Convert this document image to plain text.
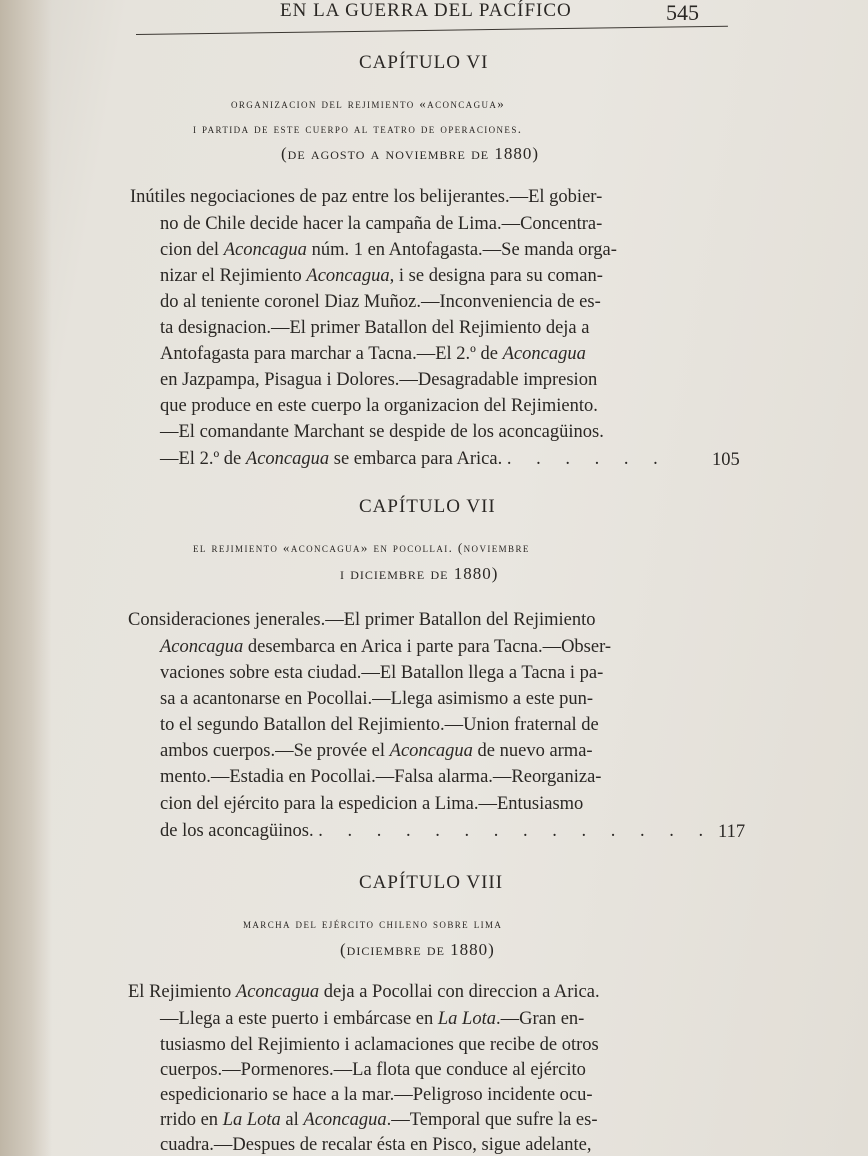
EN LA GUERRA DEL PACÍFICO	545
CAPÍTULO VI
organizacion del rejimiento «aconcagua»
i partida de este cuerpo al teatro de operaciones.
(de agosto a noviembre de 1880)
Inútiles negociaciones de paz entre los belijerantes.—El gobier-
no de Chile decide hacer la campaña de Lima.—Concentra-
cion del Aconcagua núm. 1 en Antofagasta.—Se manda orga-
nizar el Rejimiento Aconcagua, i se designa para su coman-
do al teniente coronel Diaz Muñoz.—Inconveniencia de es-
ta designacion.—El primer Batallon del Rejimiento deja a
Antofagasta para marchar a Tacna.—El 2.º de Aconcagua
en Jazpampa, Pisagua i Dolores.—Desagradable impresion
que produce en este cuerpo la organizacion del Rejimiento.
—El comandante Marchant se despide de los aconcagüinos.
—El 2.º de Aconcagua se embarca para Arica. . . . . . . 105
CAPÍTULO VII
el rejimiento «aconcagua» en pocollai. (noviembre
i diciembre de 1880)
Consideraciones jenerales.—El primer Batallon del Rejimiento
Aconcagua desembarca en Arica i parte para Tacna.—Obser-
vaciones sobre esta ciudad.—El Batallon llega a Tacna i pa-
sa a acantonarse en Pocollai.—Llega asimismo a este pun-
to el segundo Batallon del Rejimiento.—Union fraternal de
ambos cuerpos.—Se provée el Aconcagua de nuevo arma-
mento.—Estadia en Pocollai.—Falsa alarma.—Reorganiza-
cion del ejército para la espedicion a Lima.—Entusiasmo
de los aconcagüinos. . . . . . . . . . . . . . . 117
CAPÍTULO VIII
marcha del ejército chileno sobre lima
(diciembre de 1880)
El Rejimiento Aconcagua deja a Pocollai con direccion a Arica.
—Llega a este puerto i embárcase en La Lota.—Gran en-
tusiasmo del Rejimiento i aclamaciones que recibe de otros
cuerpos.—Pormenores.—La flota que conduce al ejército
espedicionario se hace a la mar.—Peligroso incidente ocu-
rrido en La Lota al Aconcagua.—Temporal que sufre la es-
cuadra.—Despues de recalar ésta en Pisco, sigue adelante,
